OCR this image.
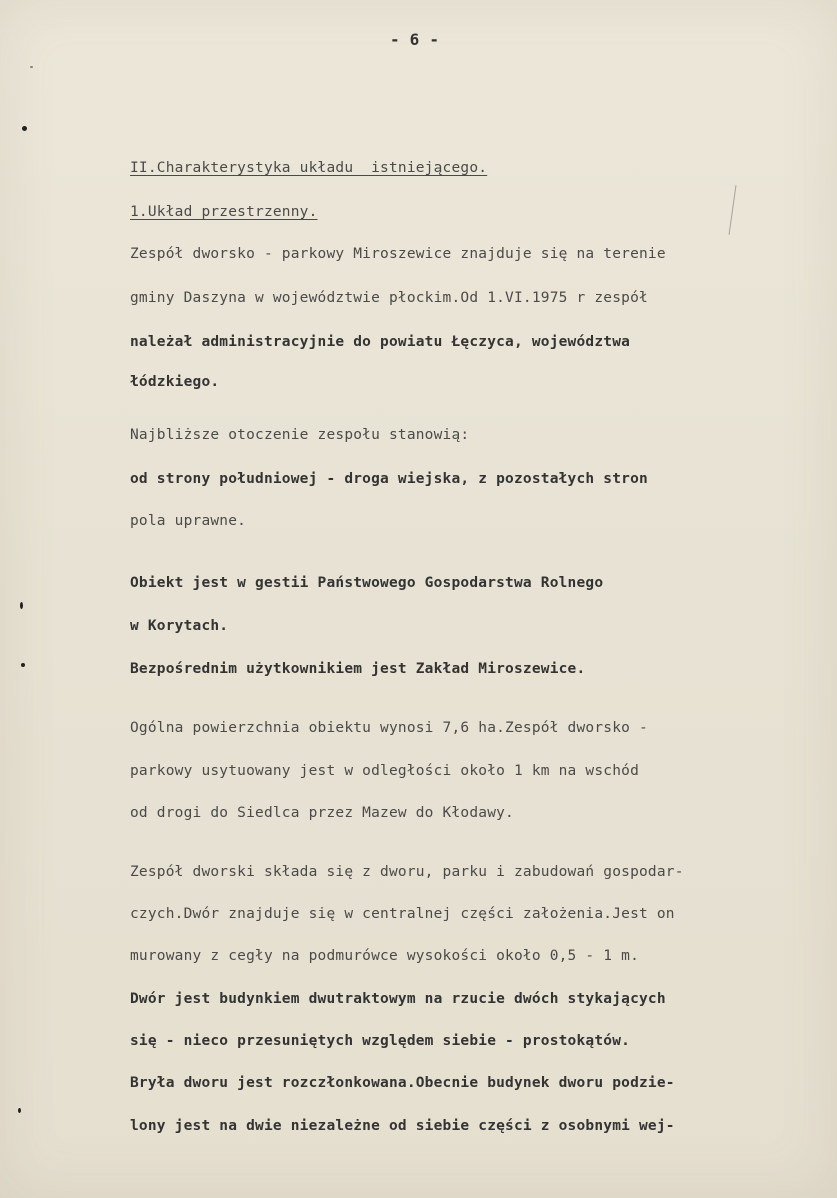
- 6 -
II.Charakterystyka układu  istniejącego.
1.Układ przestrzenny.
Zespół dworsko - parkowy Miroszewice znajduje się na terenie
gminy Daszyna w województwie płockim.Od 1.VI.1975 r zespół
należał administracyjnie do powiatu Łęczyca, województwa
łódzkiego.
Najbliższe otoczenie zespołu stanowią:
od strony południowej - droga wiejska, z pozostałych stron
pola uprawne.
Obiekt jest w gestii Państwowego Gospodarstwa Rolnego
w Korytach.
Bezpośrednim użytkownikiem jest Zakład Miroszewice.
Ogólna powierzchnia obiektu wynosi 7,6 ha.Zespół dworsko -
parkowy usytuowany jest w odległości około 1 km na wschód
od drogi do Siedlca przez Mazew do Kłodawy.
Zespół dworski składa się z dworu, parku i zabudowań gospodar-
czych.Dwór znajduje się w centralnej części założenia.Jest on
murowany z cegły na podmurówce wysokości około 0,5 - 1 m.
Dwór jest budynkiem dwutraktowym na rzucie dwóch stykających
się - nieco przesuniętych względem siebie - prostokątów.
Bryła dworu jest rozczłonkowana.Obecnie budynek dworu podzie-
lony jest na dwie niezależne od siebie części z osobnymi wej-
